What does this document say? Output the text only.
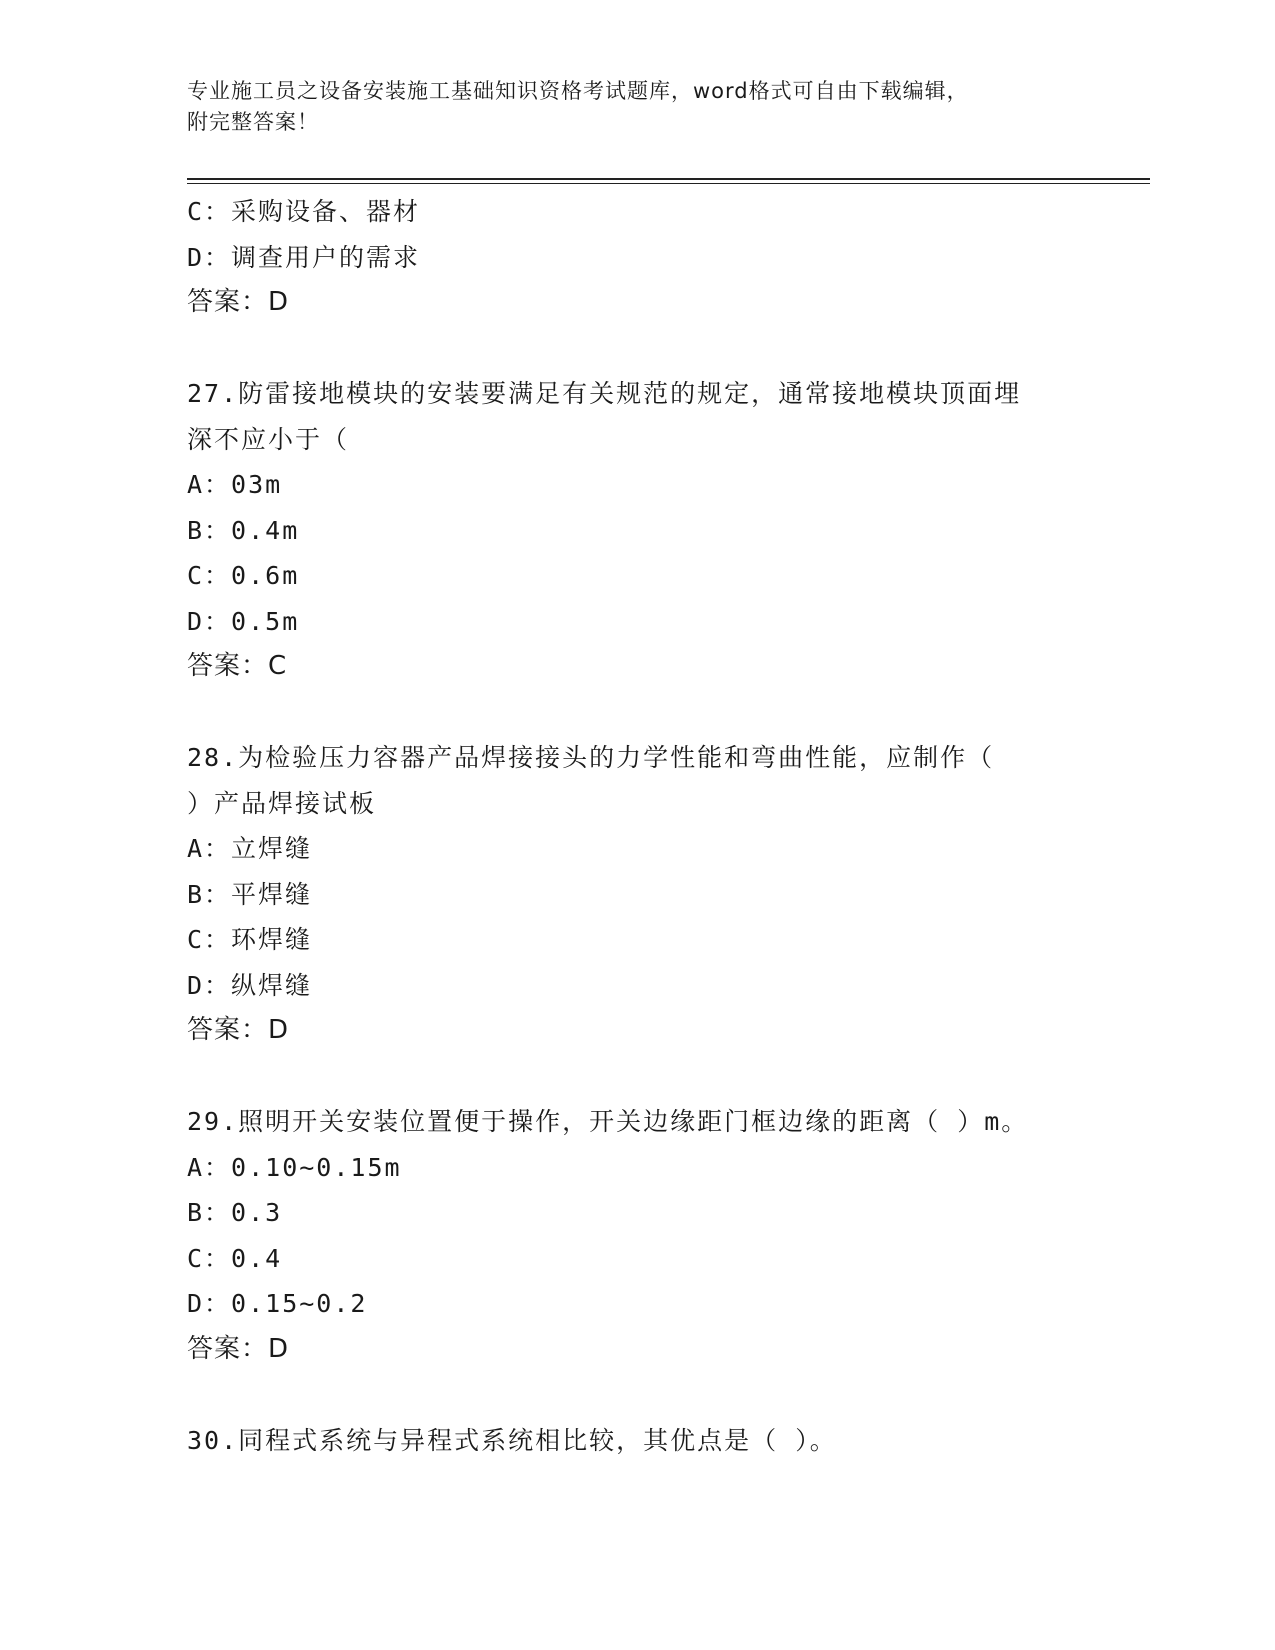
专业施工员之设备安装施工基础知识资格考试题库，word格式可自由下载编辑，
附完整答案！
C：采购设备、器材
D：调查用户的需求
答案：D
27.防雷接地模块的安装要满足有关规范的规定，通常接地模块顶面埋
深不应小于（
A：03m
B：0.4m
C：0.6m
D：0.5m
答案：C
28.为检验压力容器产品焊接接头的力学性能和弯曲性能，应制作（
）产品焊接试板
A：立焊缝
B：平焊缝
C：环焊缝
D：纵焊缝
答案：D
29.照明开关安装位置便于操作，开关边缘距门框边缘的距离（ ）m。
A：0.10~0.15m
B：0.3
C：0.4
D：0.15~0.2
答案：D
30.同程式系统与异程式系统相比较，其优点是（ ）。
